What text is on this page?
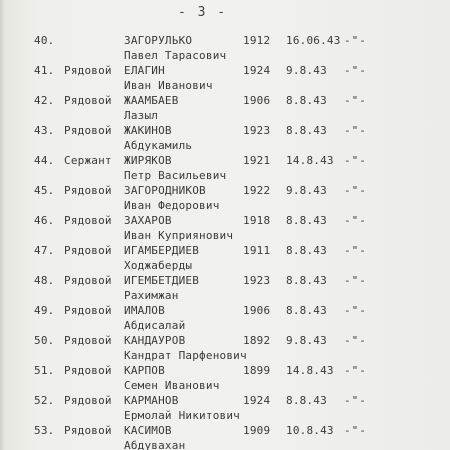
- 3 -
40.	ЗАГОРУЛЬКО
Павел Тарасович
1912 16.06.43 -"-
41. Рядовой ЕЛАГИН
Иван Иванович
1924 9.8.43 -"-
42. Рядовой ЖААМБАЕВ
Лазыл
1906 8.8.43 -"-
43. Рядовой ЖАКИНОВ
Абдукамиль
1923 8.8.43 -"-
44. Сержант ЖИРЯКОВ
Петр Васильевич
1921 14.8.43 -"-
45. Рядовой ЗАГОРОДНИКОВ
Иван Федорович
1922 9.8.43 -"-
46. Рядовой ЗАХАРОВ
Иван Куприянович
1918 8.8.43 -"-
47. Рядовой ИГАМБЕРДИЕВ
Ходжаберды
1911 8.8.43 -"-
48. Рядовой ИГЕМБЕТДИЕВ
Рахимжан
1923 8.8.43 -"-
49. Рядовой ИМАЛОВ
Абдисалай
1906 8.8.43 -"-
50. Рядовой КАНДАУРОВ
Кандрат Парфенович
1892 9.8.43 -"-
51. Рядовой КАРПОВ
Семен Иванович
1899 14.8.43 -"-
52. Рядовой КАРМАНОВ
Ермолай Никитович
1924 8.8.43 -"-
53. Рядовой КАСИМОВ
Абдувахан
1909 10.8.43 -"-
